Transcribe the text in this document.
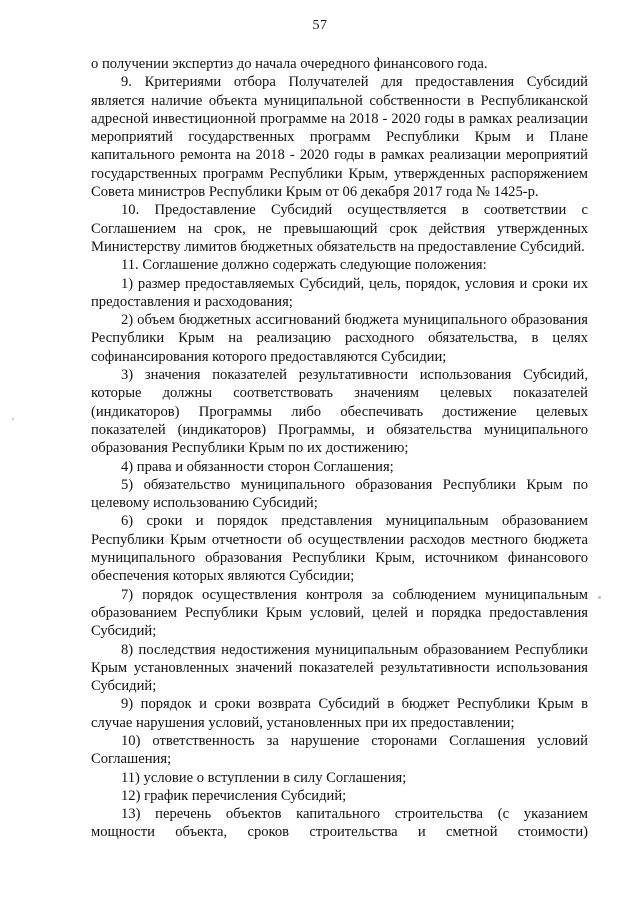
57

о получении экспертиз до начала очередного финансового года.

9. Критериями отбора Получателей для предоставления Субсидий является наличие объекта муниципальной собственности в Республиканской адресной инвестиционной программе на 2018 - 2020 годы в рамках реализации мероприятий государственных программ Республики Крым и Плане капитального ремонта на 2018 - 2020 годы в рамках реализации мероприятий государственных программ Республики Крым, утвержденных распоряжением Совета министров Республики Крым от 06 декабря 2017 года № 1425-р.

10. Предоставление Субсидий осуществляется в соответствии с Соглашением на срок, не превышающий срок действия утвержденных Министерству лимитов бюджетных обязательств на предоставление Субсидий.

11. Соглашение должно содержать следующие положения:

1) размер предоставляемых Субсидий, цель, порядок, условия и сроки их предоставления и расходования;

2) объем бюджетных ассигнований бюджета муниципального образования Республики Крым на реализацию расходного обязательства, в целях софинансирования которого предоставляются Субсидии;

3) значения показателей результативности использования Субсидий, которые должны соответствовать значениям целевых показателей (индикаторов) Программы либо обеспечивать достижение целевых показателей (индикаторов) Программы, и обязательства муниципального образования Республики Крым по их достижению;

4) права и обязанности сторон Соглашения;

5) обязательство муниципального образования Республики Крым по целевому использованию Субсидий;

6) сроки и порядок представления муниципальным образованием Республики Крым отчетности об осуществлении расходов местного бюджета муниципального образования Республики Крым, источником финансового обеспечения которых являются Субсидии;

7) порядок осуществления контроля за соблюдением муниципальным образованием Республики Крым условий, целей и порядка предоставления Субсидий;

8) последствия недостижения муниципальным образованием Республики Крым установленных значений показателей результативности использования Субсидий;

9) порядок и сроки возврата Субсидий в бюджет Республики Крым в случае нарушения условий, установленных при их предоставлении;

10) ответственность за нарушение сторонами Соглашения условий Соглашения;

11) условие о вступлении в силу Соглашения;

12) график перечисления Субсидий;

13) перечень объектов капитального строительства (с указанием мощности объекта, сроков строительства и сметной стоимости)
